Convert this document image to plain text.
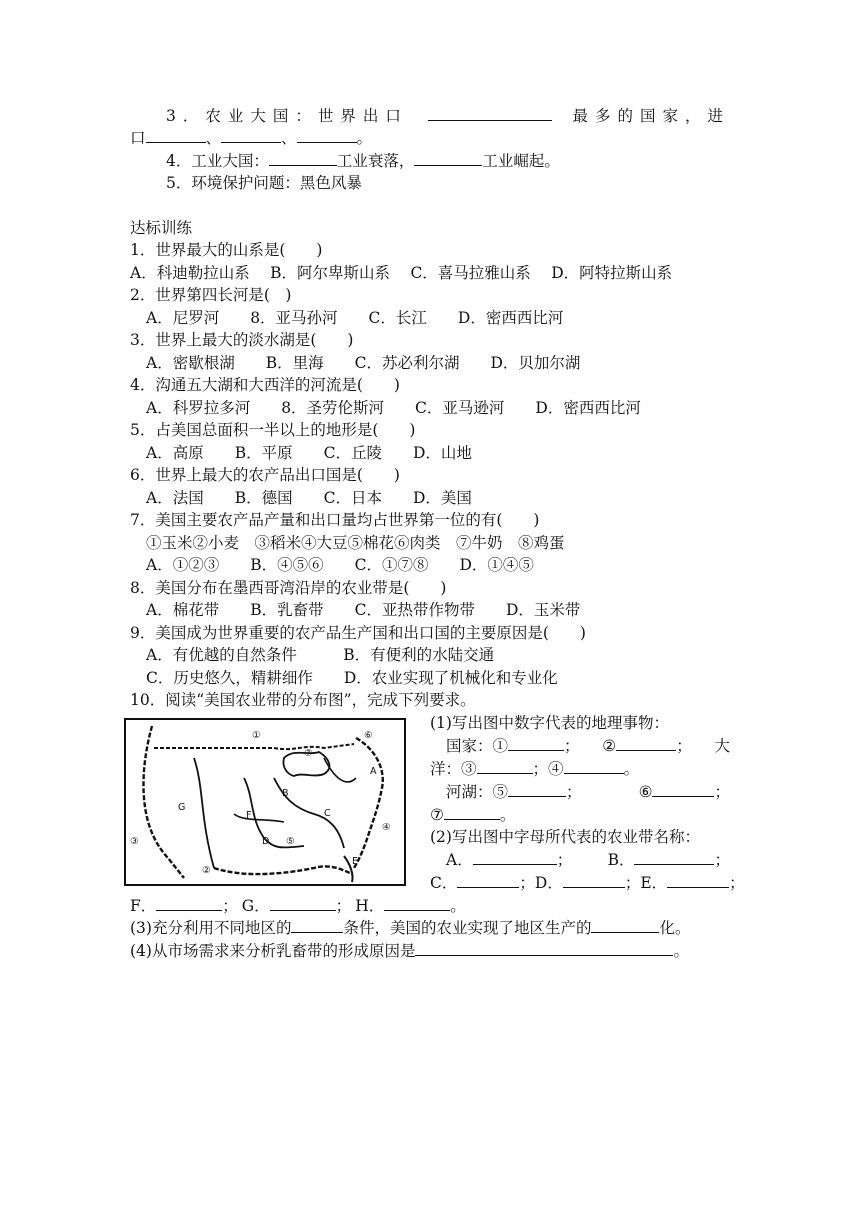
3．农业大国：世界出口	最多的国家，进
口	、	、	。
4．工业大国：	工业衰落，	工业崛起。
5．环境保护问题：黑色风暴
达标训练
1．世界最大的山系是(　　)
A．科迪勒拉山系　 B．阿尔卑斯山系　 C．喜马拉雅山系　 D．阿特拉斯山系
2．世界第四长河是(　)
A．尼罗河　　8．亚马孙河　　C．长江　　D．密西西比河
3．世界上最大的淡水湖是(　　)
A．密歇根湖　　B．里海　　C．苏必利尔湖　　D．贝加尔湖
4．沟通五大湖和大西洋的河流是(　　)
A．科罗拉多河　　8．圣劳伦斯河　　C．亚马逊河　　D．密西西比河
5．占美国总面积一半以上的地形是(　　)
A．高原　　B．平原　　C．丘陵　　D．山地
6．世界上最大的农产品出口国是(　　)
A．法国　　B．德国　　C．日本　　D．美国
7．美国主要农产品产量和出口量均占世界第一位的有(　　)
①玉米②小麦　③稻米④大豆⑤棉花⑥肉类　⑦牛奶　⑧鸡蛋
A．①②③　　B．④⑤⑥　　C．①⑦⑧　　D．①④⑤
8．美国分布在墨西哥湾沿岸的农业带是(　　)
A．棉花带　　B．乳畜带　　C．亚热带作物带　　D．玉米带
9．美国成为世界重要的农产品生产国和出口国的主要原因是(　　)
A．有优越的自然条件　　　B．有便利的水陆交通
C．历史悠久，精耕细作　　D．农业实现了机械化和专业化
10．阅读“美国农业带的分布图”，完成下列要求。
①
②
③
④
⑤
⑥
⑦
A
B
C
D
E
F
G
(1)写出图中数字代表的地理事物：
国家：①	； ②	； 大
洋：③	；④	。
河湖：⑤	；	⑥	；
⑦	。
(2)写出图中字母所代表的农业带名称：
A．	； B．	；
C．	； D．	； E．	；
F．	； G．	； H．	。
(3)充分利用不同地区的	条件，美国的农业实现了地区生产的	化。
(4)从市场需求来分析乳畜带的形成原因是	。
